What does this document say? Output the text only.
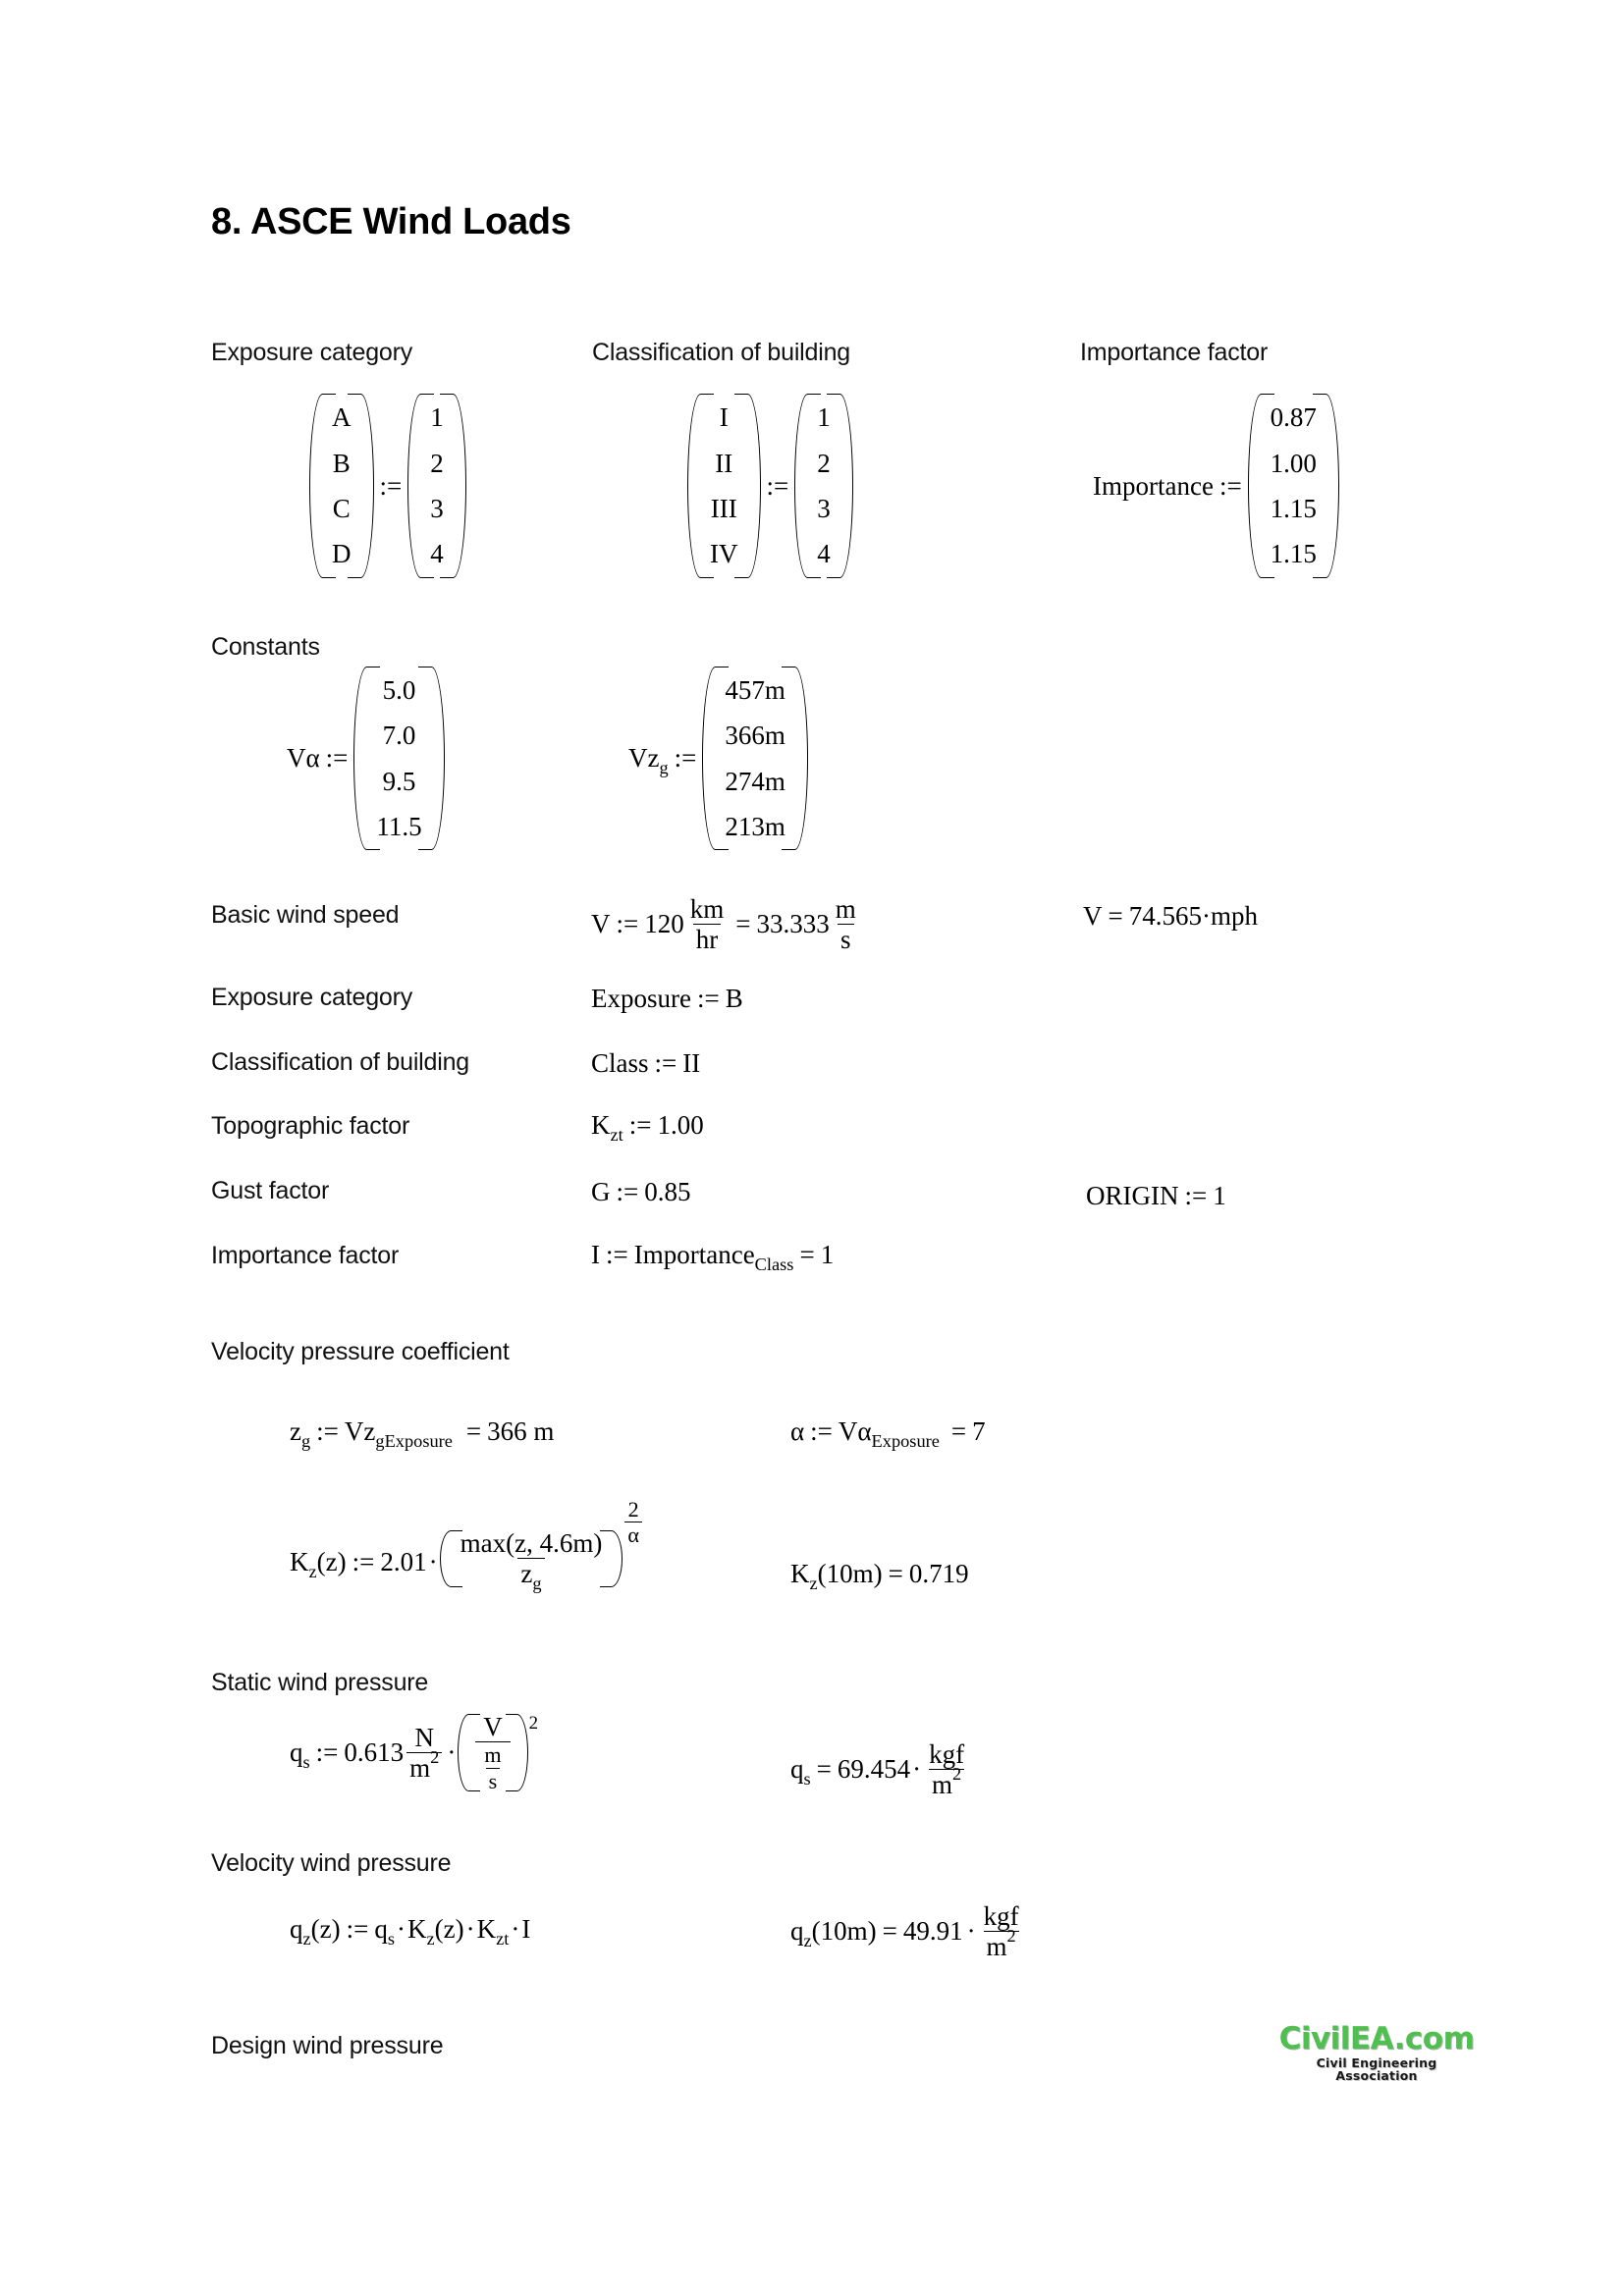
8. ASCE Wind Loads
Exposure category	Classification of building	Importance factor
A
B
C
D
:=
1
2
3
4
I
II
III
IV
:=
1
2
3
4
Importance :=
0.87
1.00
1.15
1.15
Constants
Vα :=
5.0
7.0
9.5
11.5
$Vz_g$ :=
457m
366m
274m
213m
Basic wind speed	V := $120 \frac{km}{hr} = 33.333 \frac{m}{s}$	V = 74.565·mph
Exposure category	Exposure := B
Classification of building	Class := II
Topographic factor	$K_{zt}$ := 1.00
Gust factor	G := 0.85	ORIGIN := 1
Importance factor	I := Importance$_{Class}$ = 1
Velocity pressure coefficient
$z_g$ := $Vz_{gExposure} = 366$ m	α := $V\alpha_{Exposure} = 7$
$K_z(z)$ := $2.01 \cdot \frac{\max(z, 4.6m)}{z_g}$
$\frac{2}{\alpha}$
$K_z(10m) = 0.719$
Static wind pressure
$q_s$ := $0.613 \frac{N}{m^2} \cdot \frac{V}{\frac{m}{s}} 2$
$q_s = 69.454 \cdot \frac{\text{kgf}}{m^2}$
Velocity wind pressure
$q_z(z)$ := $q_s \cdot K_z(z) \cdot K_{zt} \cdot I$	$q_z(10m) = 49.91 \cdot \frac{\text{kgf}}{m^2}$
Design wind pressure	CivilEA.com
Civil Engineering Association
